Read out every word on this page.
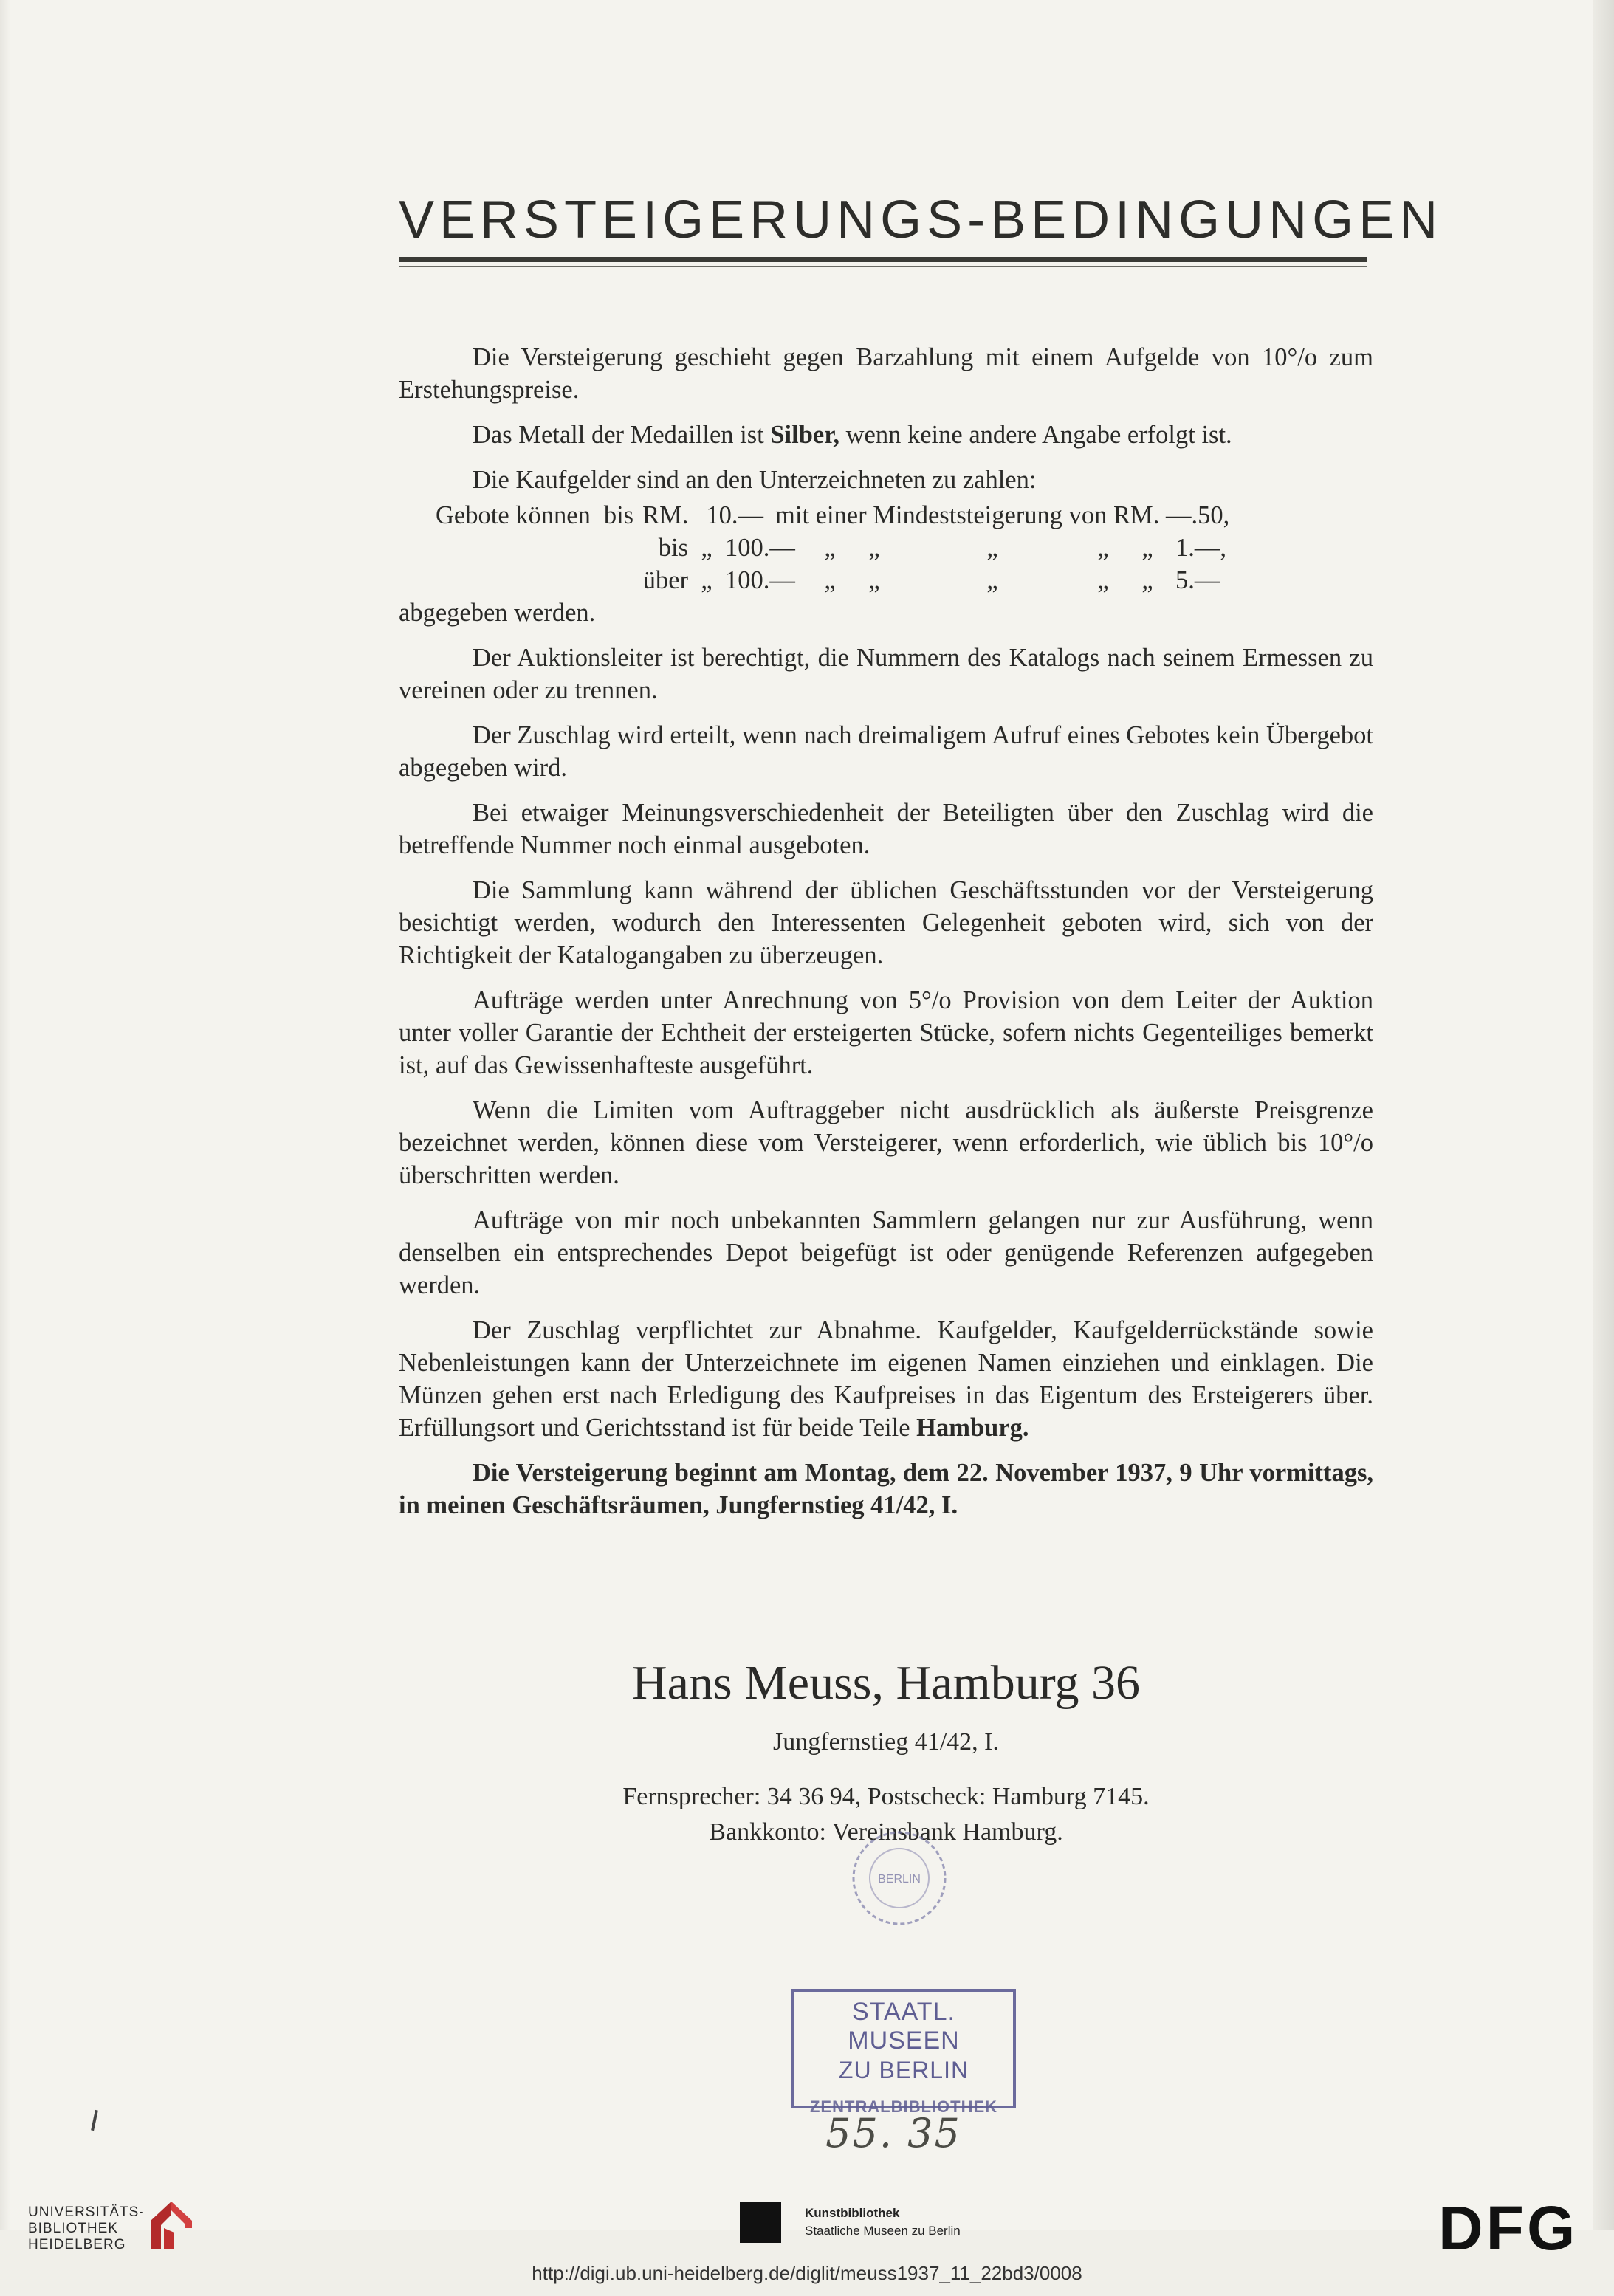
VERSTEIGERUNGS-BEDINGUNGEN

Die Versteigerung geschieht gegen Barzahlung mit einem Aufgelde von 10°/o zum Erstehungspreise.

Das Metall der Medaillen ist Silber, wenn keine andere Angabe erfolgt ist.

Die Kaufgelder sind an den Unterzeichneten zu zahlen:

Gebote können bis RM. 10.— mit einer Mindeststeigerung von RM. —.50,
bis „ 100.—	„	„	„	„	„ 1.—,
über „ 100.—	„	„	„	„	„ 5.—

abgegeben werden.

Der Auktionsleiter ist berechtigt, die Nummern des Katalogs nach seinem Ermessen zu vereinen oder zu trennen.

Der Zuschlag wird erteilt, wenn nach dreimaligem Aufruf eines Gebotes kein Übergebot abgegeben wird.

Bei etwaiger Meinungsverschiedenheit der Beteiligten über den Zuschlag wird die betreffende Nummer noch einmal ausgeboten.

Die Sammlung kann während der üblichen Geschäftsstunden vor der Versteigerung besichtigt werden, wodurch den Interessenten Gelegenheit geboten wird, sich von der Richtigkeit der Katalogangaben zu überzeugen.

Aufträge werden unter Anrechnung von 5°/o Provision von dem Leiter der Auktion unter voller Garantie der Echtheit der ersteigerten Stücke, sofern nichts Gegenteiliges bemerkt ist, auf das Gewissenhafteste ausgeführt.

Wenn die Limiten vom Auftraggeber nicht ausdrücklich als äußerste Preisgrenze bezeichnet werden, können diese vom Versteigerer, wenn erforderlich, wie üblich bis 10°/o überschritten werden.

Aufträge von mir noch unbekannten Sammlern gelangen nur zur Ausführung, wenn denselben ein entsprechendes Depot beigefügt ist oder genügende Referenzen aufgegeben werden.

Der Zuschlag verpflichtet zur Abnahme. Kaufgelder, Kaufgelderrückstände sowie Nebenleistungen kann der Unterzeichnete im eigenen Namen einziehen und einklagen. Die Münzen gehen erst nach Erledigung des Kaufpreises in das Eigentum des Ersteigerers über. Erfüllungsort und Gerichtsstand ist für beide Teile Hamburg.

Die Versteigerung beginnt am Montag, dem 22. November 1937, 9 Uhr vormittags, in meinen Geschäftsräumen, Jungfernstieg 41/42, I.

Hans Meuss, Hamburg 36
Jungfernstieg 41/42, I.
Fernsprecher: 34 36 94, Postscheck: Hamburg 7145.
Bankkonto: Vereinsbank Hamburg.
BERLIN
STAATL. MUSEEN
ZU BERLIN
ZENTRALBIBLIOTHEK
55. 35
UNIVERSITÄTS-
BIBLIOTHEK
HEIDELBERG
Kunstbibliothek
Staatliche Museen zu Berlin	DFG
http://digi.ub.uni-heidelberg.de/diglit/meuss1937_11_22bd3/0008
